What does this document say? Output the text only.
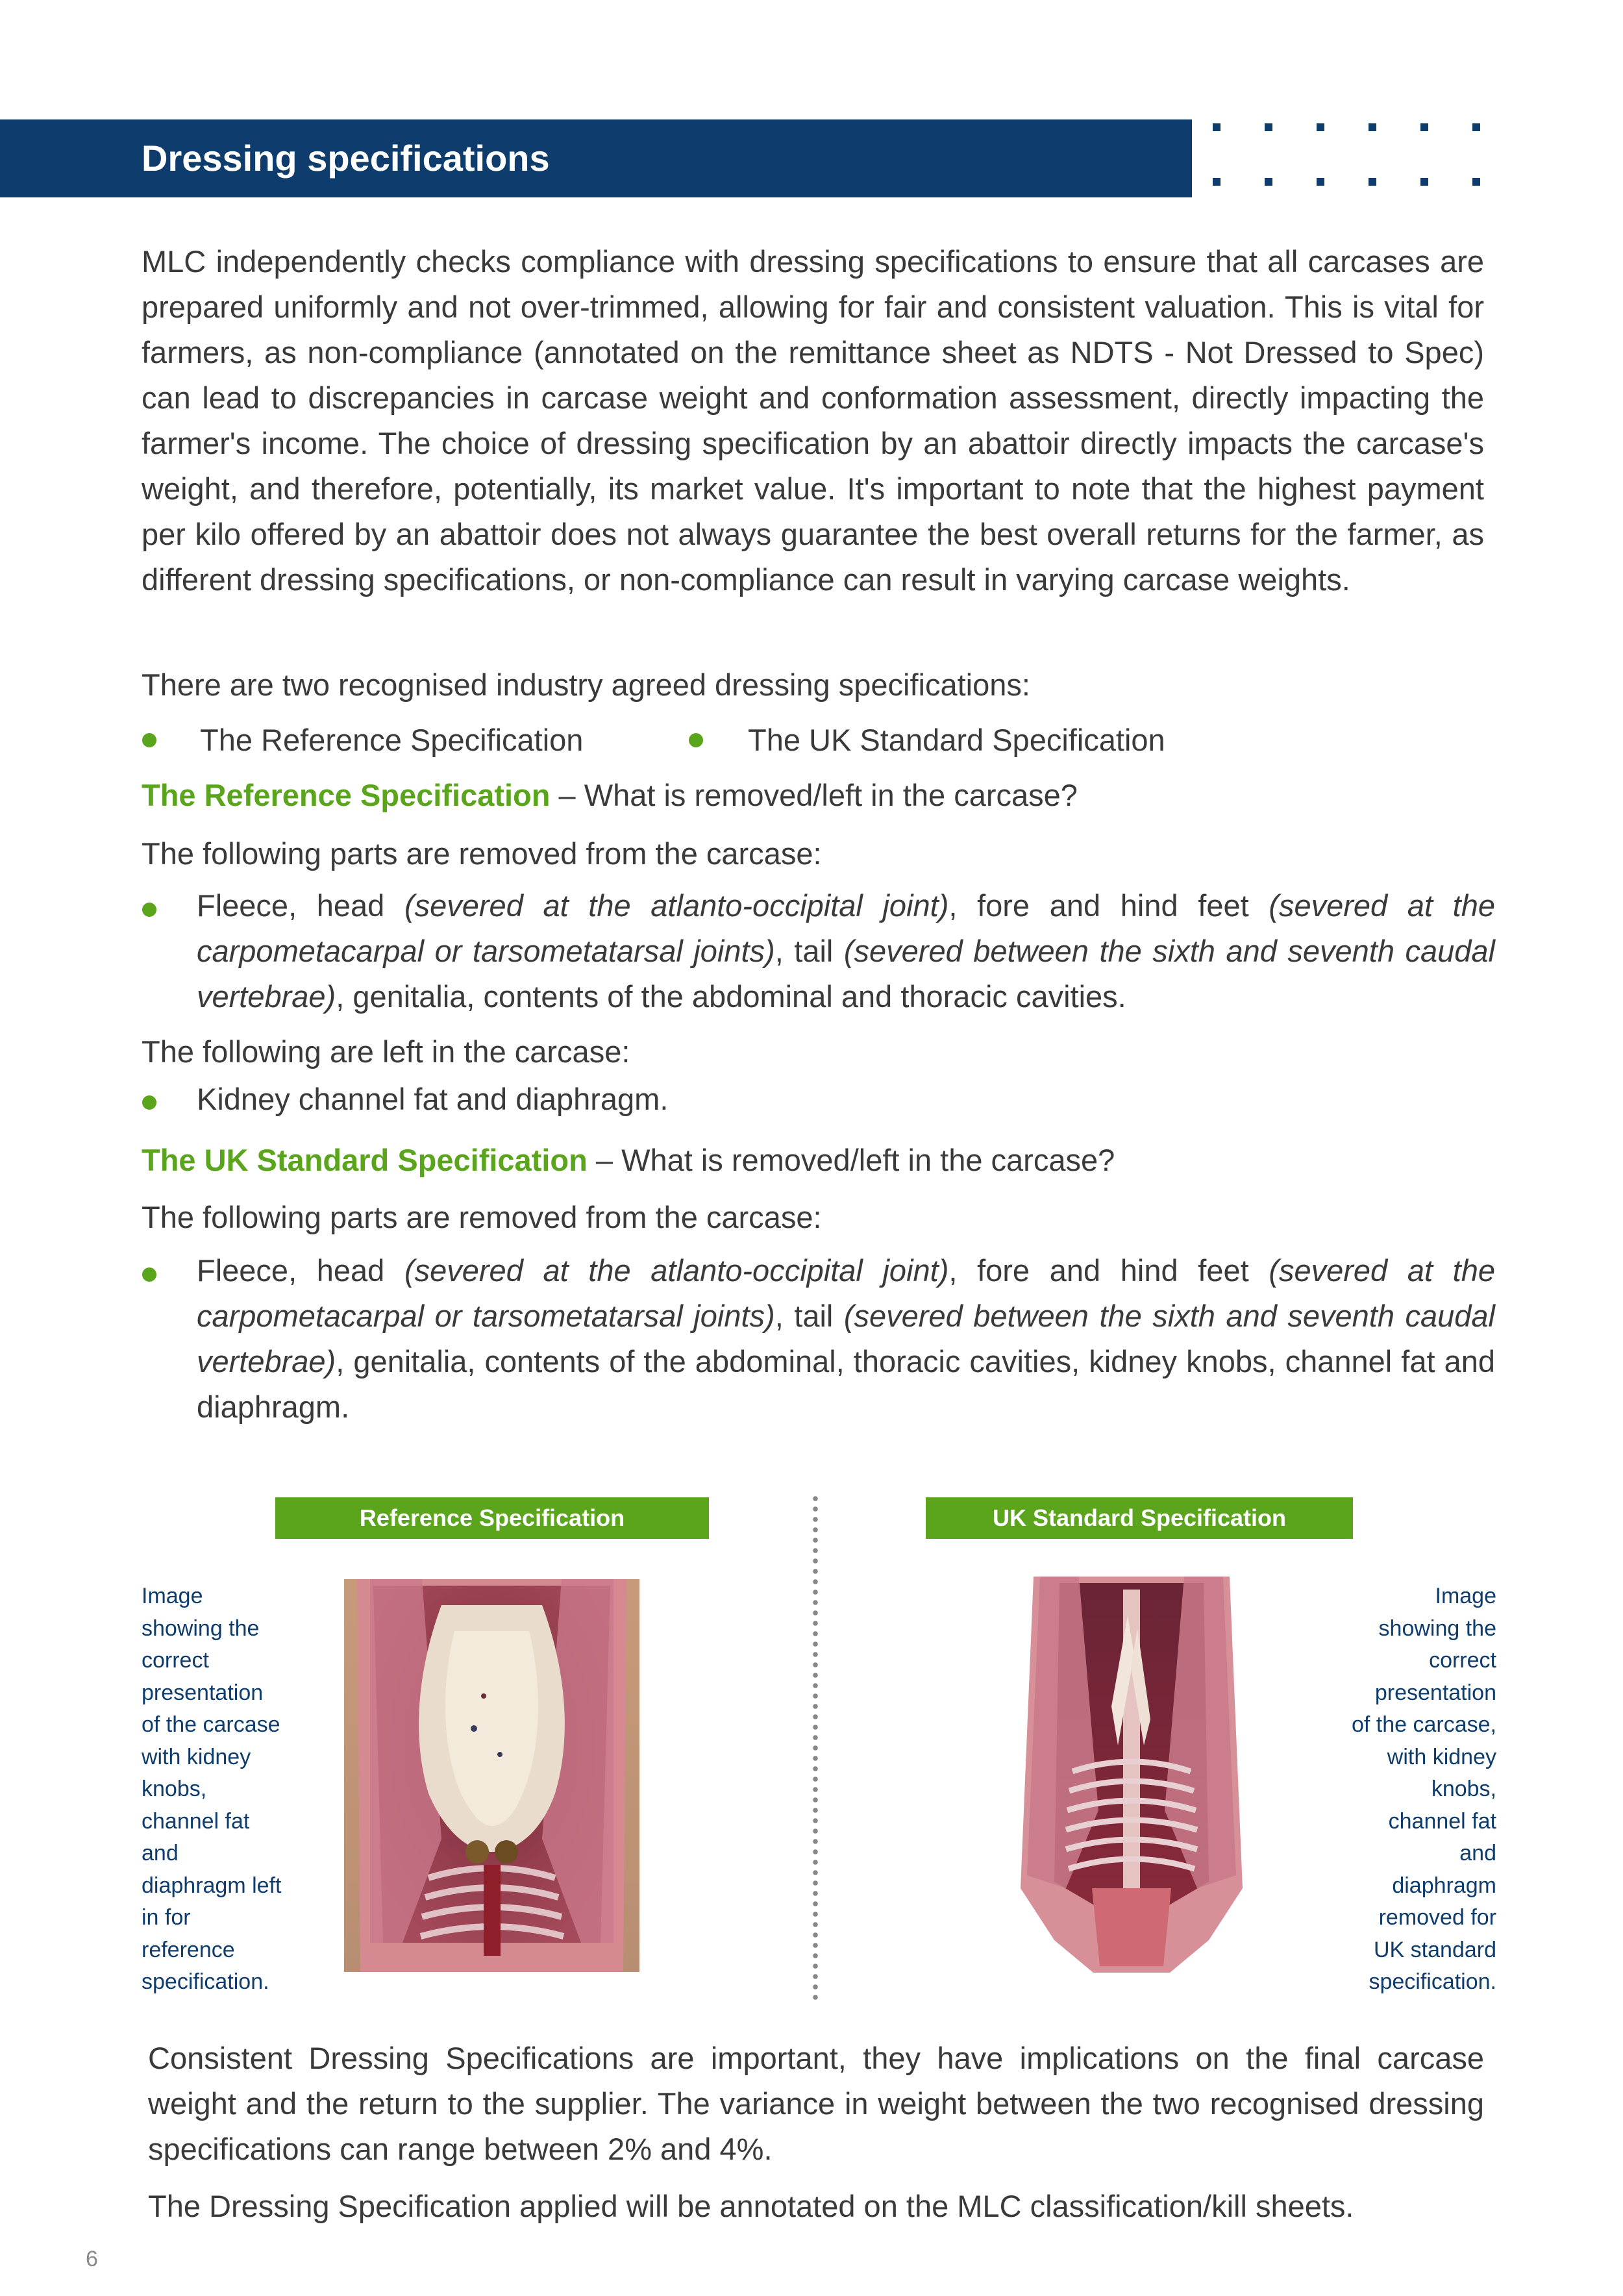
Dressing specifications

MLC independently checks compliance with dressing specifications to ensure that all carcases are prepared uniformly and not over-trimmed, allowing for fair and consistent valuation. This is vital for farmers, as non-compliance (annotated on the remittance sheet as NDTS - Not Dressed to Spec) can lead to discrepancies in carcase weight and conformation assessment, directly impacting the farmer's income. The choice of dressing specification by an abattoir directly impacts the carcase's weight, and therefore, potentially, its market value. It's important to note that the highest payment per kilo offered by an abattoir does not always guarantee the best overall returns for the farmer, as different dressing specifications, or non-compliance can result in varying carcase weights.

There are two recognised industry agreed dressing specifications:

The Reference Specification	The UK Standard Specification
The Reference Specification – What is removed/left in the carcase?
The following parts are removed from the carcase:

Fleece, head (severed at the atlanto-occipital joint), fore and hind feet (severed at the carpometacarpal or tarsometatarsal joints), tail (severed between the sixth and seventh caudal vertebrae), genitalia, contents of the abdominal and thoracic cavities.

The following are left in the carcase:
Kidney channel fat and diaphragm.
The UK Standard Specification – What is removed/left in the carcase?
The following parts are removed from the carcase:

Fleece, head (severed at the atlanto-occipital joint), fore and hind feet (severed at the carpometacarpal or tarsometatarsal joints), tail (severed between the sixth and seventh caudal vertebrae), genitalia, contents of the abdominal, thoracic cavities, kidney knobs, channel fat and diaphragm.

Reference Specification	UK Standard Specification
Image
showing the
correct
presentation
of the carcase
with kidney
knobs,
channel fat
and
diaphragm left
in for
reference
specification.
Image
showing the
correct
presentation
of the carcase,
with kidney
knobs,
channel fat
and
diaphragm
removed for
UK standard
specification.

Consistent Dressing Specifications are important, they have implications on the final carcase weight and the return to the supplier. The variance in weight between the two recognised dressing specifications can range between 2% and 4%.

The Dressing Specification applied will be annotated on the MLC classification/kill sheets.

6
